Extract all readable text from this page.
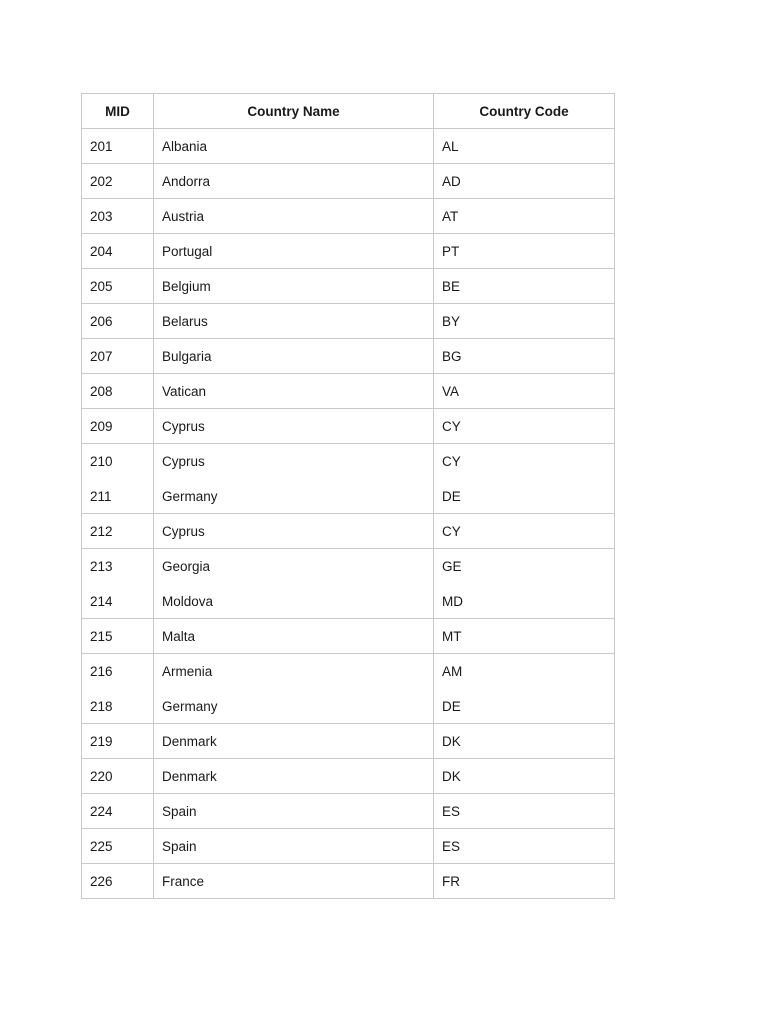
MID	Country Name	Country Code
201	Albania	AL
202	Andorra	AD
203	Austria	AT
204	Portugal	PT
205	Belgium	BE
206	Belarus	BY
207	Bulgaria	BG
208	Vatican	VA
209	Cyprus	CY
210	Cyprus	CY
211	Germany	DE
212	Cyprus	CY
213	Georgia	GE
214	Moldova	MD
215	Malta	MT
216	Armenia	AM
218	Germany	DE
219	Denmark	DK
220	Denmark	DK
224	Spain	ES
225	Spain	ES
226	France	FR
